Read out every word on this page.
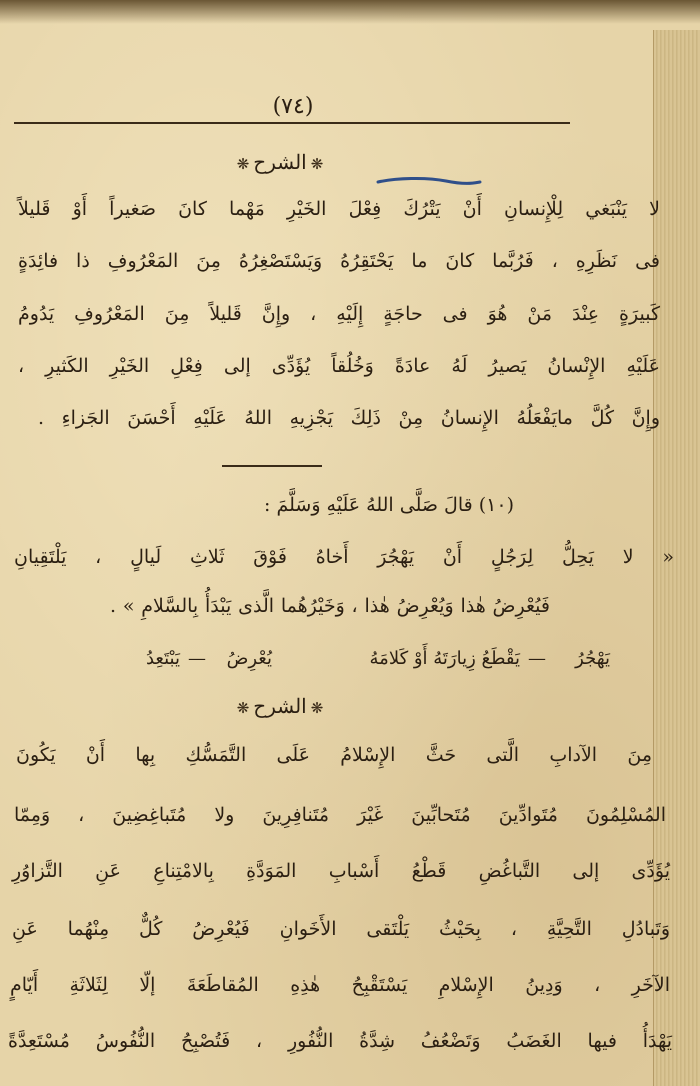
(٧٤)
❋الشرح❋
لا يَنْبَغي لِلْإِنسانِ أَنْ يَتْرُكَ فِعْلَ الخَيْرِ مَهْما كانَ صَغيراً أَوْ قَليلاً
فى نَظَرِهِ ، فَرُبَّما كانَ ما يَحْتَقِرُهُ وَيَسْتَصْغِرُهُ مِنَ المَعْرُوفِ ذا فائِدَةٍ
كَبيرَةٍ عِنْدَ مَنْ هُوَ فى حاجَةٍ إِلَيْهِ ، وإِنَّ قَليلاً مِنَ المَعْرُوفِ يَدُومُ
عَلَيْهِ الإِنْسانُ يَصيرُ لَهُ عادَةً وَخُلُقاً يُؤَدِّى إلى فِعْلِ الخَيْرِ الكَثيرِ ،
وإِنَّ كُلَّ مايَفْعَلُهُ الإِنسانُ مِنْ ذَلِكَ يَجْزِيهِ اللهُ عَلَيْهِ أَحْسَنَ الجَزاءِ .
(١٠) قالَ صَلَّى اللهُ عَلَيْهِ وَسَلَّمَ :
« لا يَحِلُّ لِرَجُلٍ أَنْ يَهْجُرَ أَخاهُ فَوْقَ ثَلاثِ لَيالٍ ، يَلْتَقِيانِ
فَيُعْرِضُ هٰذا وَيُعْرِضُ هٰذا ، وَخَيْرُهُما الَّذى يَبْدَأُ بِالسَّلامِ » .
يَهْجُرُ
—
يَقْطَعُ زِيارَتَهُ أَوْ كَلامَهُ
يُعْرِضُ
—
يَبْتَعِدُ
❋الشرح❋
مِنَ الآدابِ الَّتى حَثَّ الإِسْلامُ عَلَى التَّمَسُّكِ بِها أَنْ يَكُونَ
المُسْلِمُونَ مُتَوادِّينَ مُتَحابِّينَ غَيْرَ مُتَنافِرِينَ ولا مُتَباغِضِينَ ، وَمِمّا
يُؤَدِّى إلى التَّباغُضِ قَطْعُ أَسْبابِ المَوَدَّةِ بِالامْتِناعِ عَنِ التَّزاوُرِ
وَتَبادُلِ التَّحِيَّةِ ، بِحَيْثُ يَلْتَقى الأَخَوانِ فَيُعْرِضُ كُلٌّ مِنْهُما عَنِ
الآخَرِ ، وَدِينُ الإِسْلامِ يَسْتَقْبِحُ هٰذِهِ المُقاطَعَةَ إلّا لِثَلاثَةِ أَيّامٍ
يَهْدَأُ فيها الغَضَبُ وَتَضْعُفُ شِدَّةُ النُّفُورِ ، فَتُصْبِحُ النُّفُوسُ مُسْتَعِدَّةً
